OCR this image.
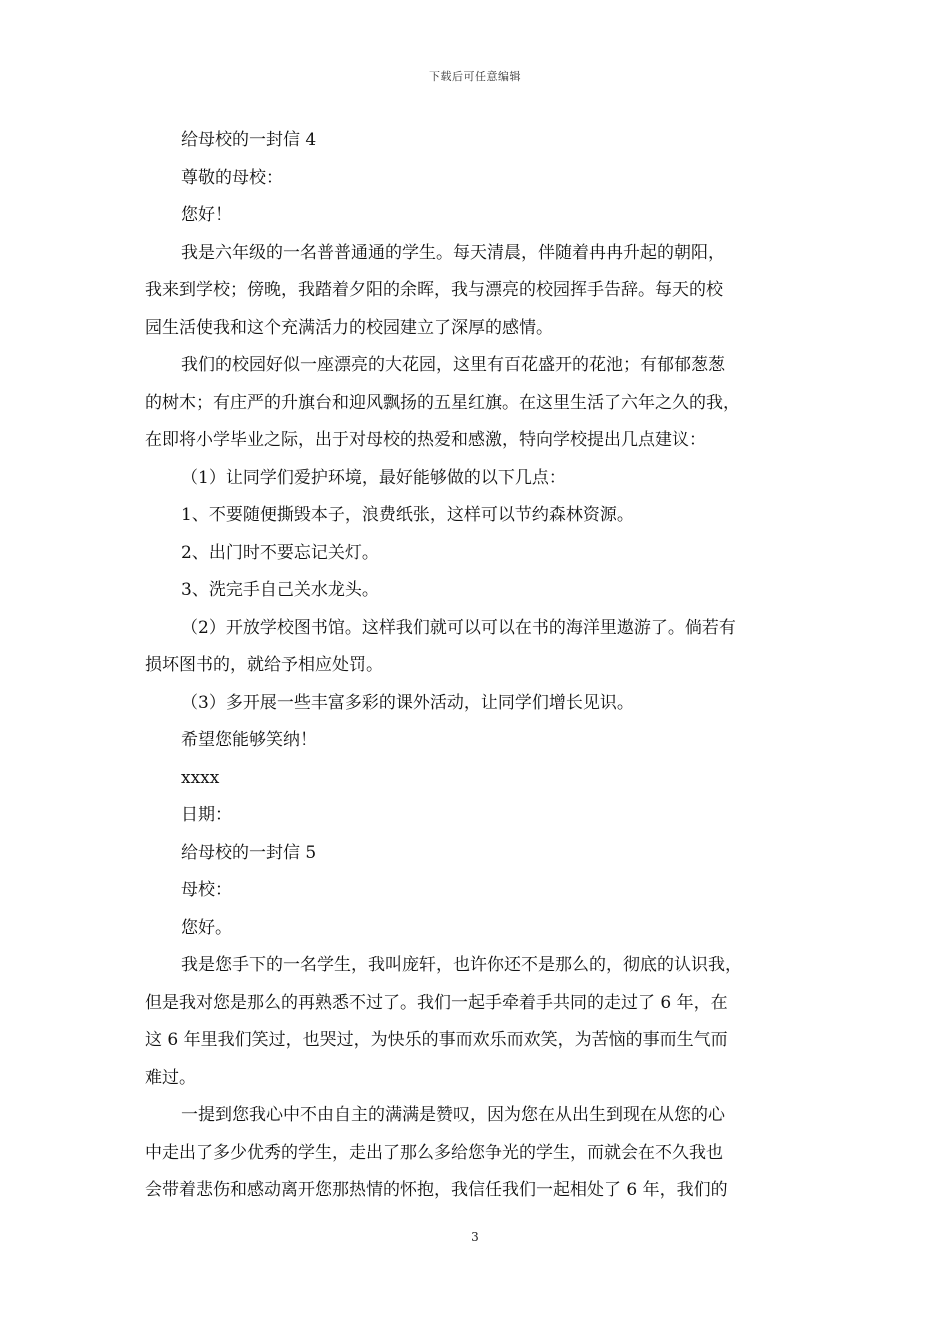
下载后可任意编辑

给母校的一封信 4

尊敬的母校：

您好！

我是六年级的一名普普通通的学生。每天清晨，伴随着冉冉升起的朝阳，

我来到学校；傍晚，我踏着夕阳的余晖，我与漂亮的校园挥手告辞。每天的校

园生活使我和这个充满活力的校园建立了深厚的感情。

我们的校园好似一座漂亮的大花园，这里有百花盛开的花池；有郁郁葱葱

的树木；有庄严的升旗台和迎风飘扬的五星红旗。在这里生活了六年之久的我，

在即将小学毕业之际，出于对母校的热爱和感激，特向学校提出几点建议：

（1）让同学们爱护环境，最好能够做的以下几点：

1、不要随便撕毁本子，浪费纸张，这样可以节约森林资源。

2、出门时不要忘记关灯。

3、洗完手自己关水龙头。

（2）开放学校图书馆。这样我们就可以可以在书的海洋里遨游了。倘若有

损坏图书的，就给予相应处罚。

（3）多开展一些丰富多彩的课外活动，让同学们增长见识。

希望您能够笑纳！

xxxx

日期：

给母校的一封信 5

母校：

您好。

我是您手下的一名学生，我叫庞轩，也许你还不是那么的，彻底的认识我，

但是我对您是那么的再熟悉不过了。我们一起手牵着手共同的走过了 6 年，在

这 6 年里我们笑过，也哭过，为快乐的事而欢乐而欢笑，为苦恼的事而生气而

难过。

一提到您我心中不由自主的满满是赞叹，因为您在从出生到现在从您的心

中走出了多少优秀的学生，走出了那么多给您争光的学生，而就会在不久我也

会带着悲伤和感动离开您那热情的怀抱，我信任我们一起相处了 6 年，我们的

3
